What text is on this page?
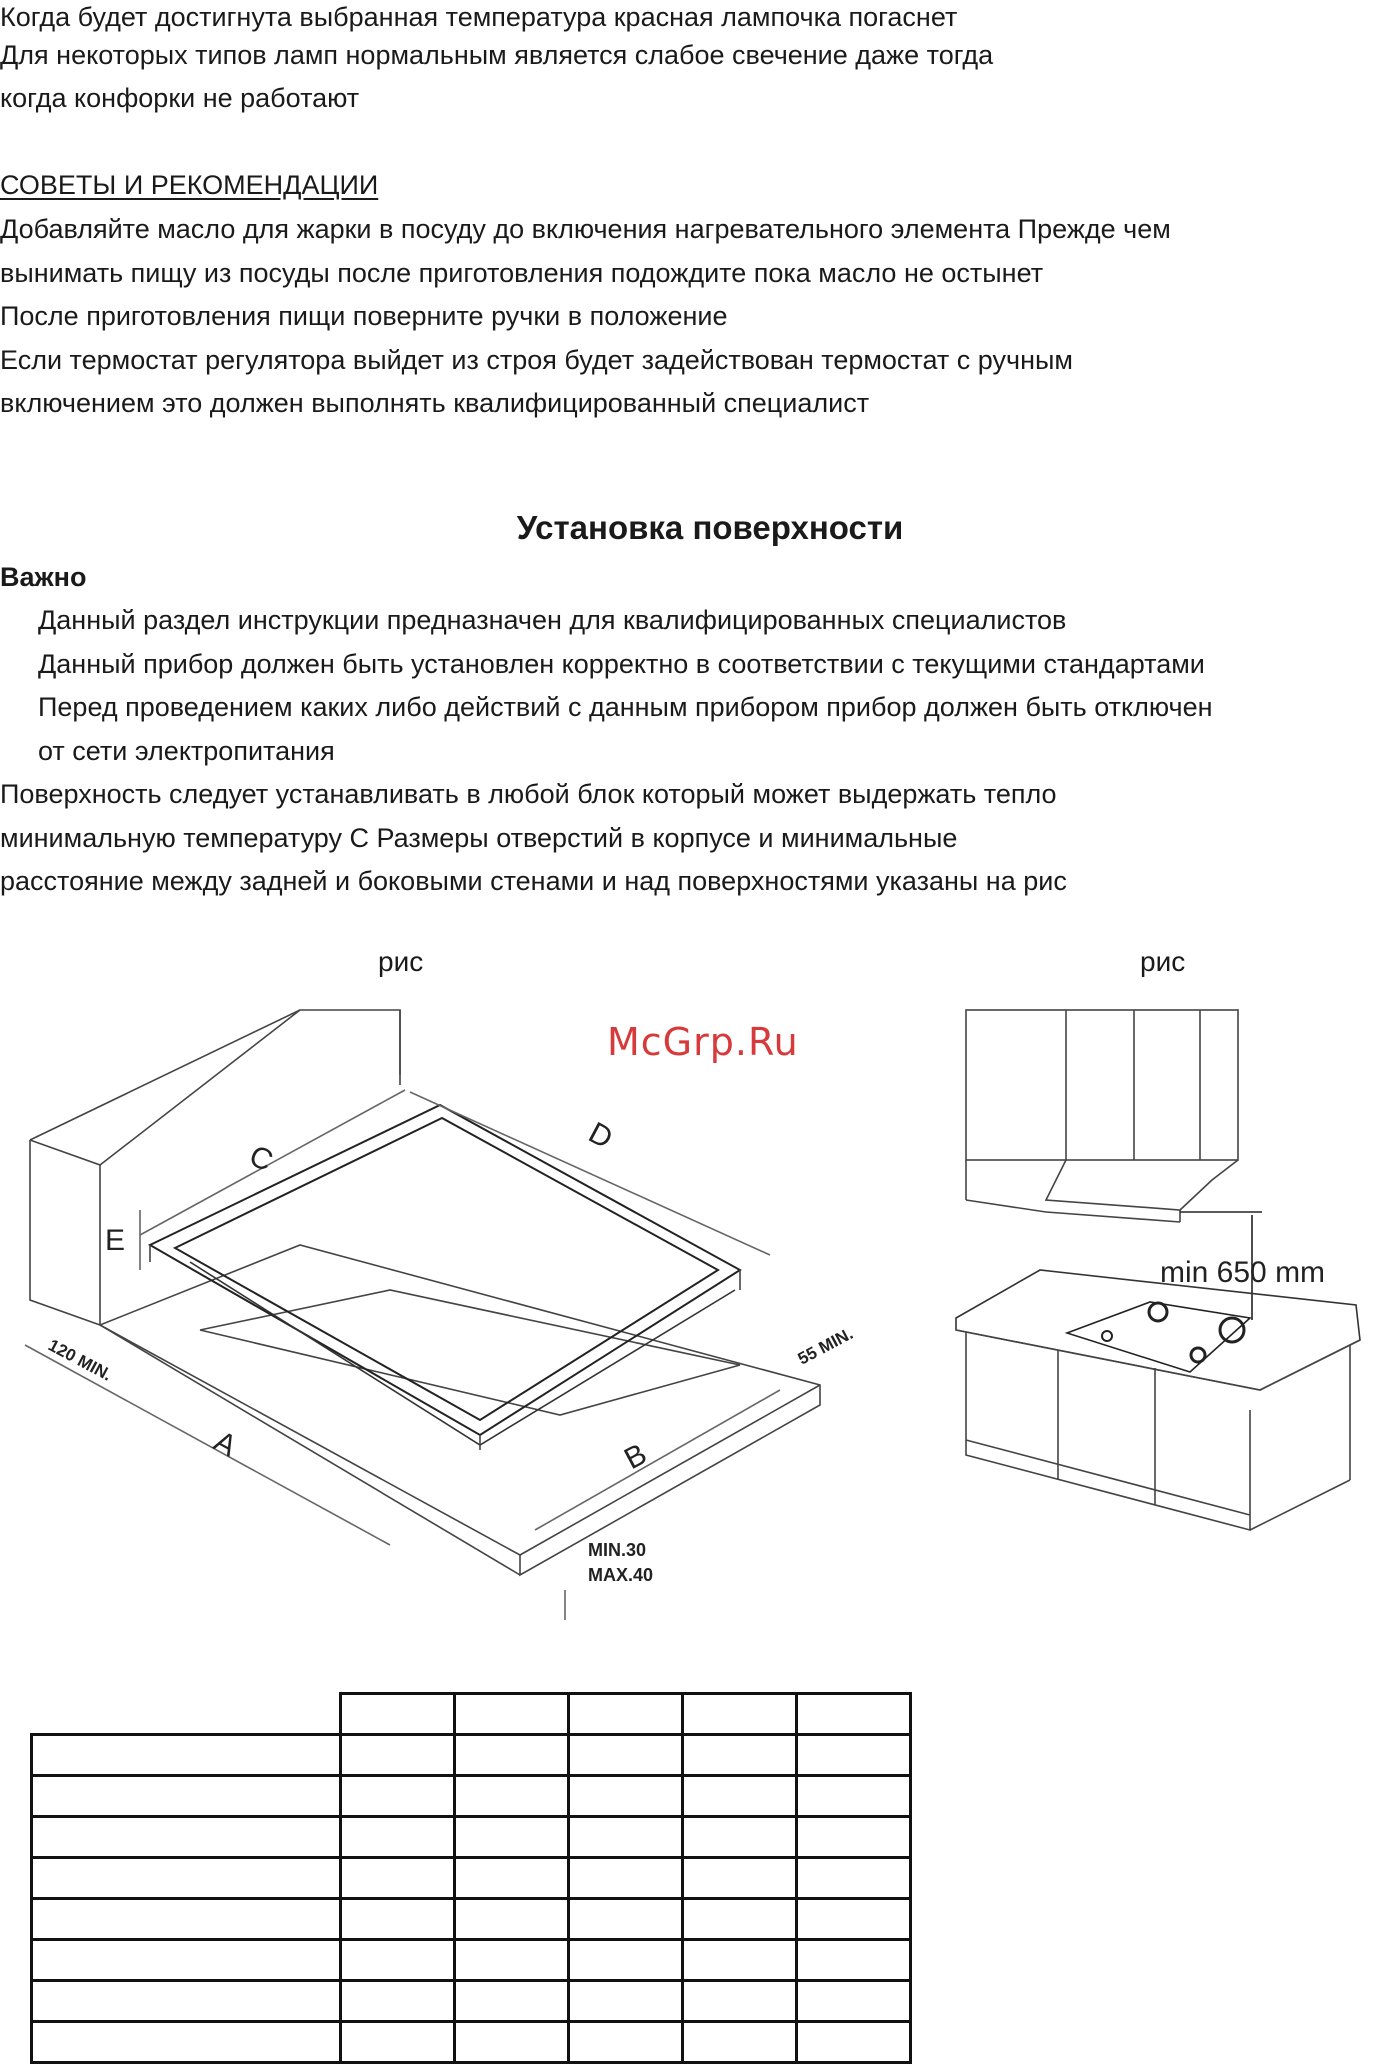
Когда будет достигнута выбранная температура красная лампочка погаснет
Для некоторых типов ламп нормальным является слабое свечение даже тогда
когда конфорки не работают
СОВЕТЫ И РЕКОМЕНДАЦИИ
Добавляйте масло для жарки в посуду до включения нагревательного элемента Прежде чем
вынимать пищу из посуды после приготовления подождите пока масло не остынет
После приготовления пищи поверните ручки в положение
Если термостат регулятора выйдет из строя будет задействован термостат с ручным
включением это должен выполнять квалифицированный специалист
Установка поверхности
Важно
Данный раздел инструкции предназначен для квалифицированных специалистов
Данный прибор должен быть установлен корректно в соответствии с текущими стандартами
Перед проведением каких либо действий с данным прибором прибор должен быть отключен
от сети электропитания
Поверхность следует устанавливать в любой блок который может выдержать тепло
минимальную температуру С Размеры отверстий в корпусе и минимальные
расстояние между задней и боковыми стенами и над поверхностями указаны на рис
рис	рис
McGrp.Ru
C
D
E
A	B
120 MIN.	55 MIN.
MIN.30
MAX.40
min 650 mm
